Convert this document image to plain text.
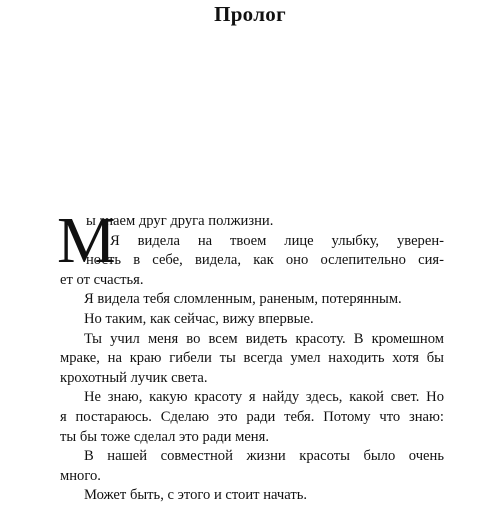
Пролог
М
ы знаем друг друга полжизни.
Я видела на твоем лице улыбку, уверен-
ность в себе, видела, как оно ослепительно сия-
ет от счастья.
Я видела тебя сломленным, раненым, потерянным.
Но таким, как сейчас, вижу впервые.
Ты учил меня во всем видеть красоту. В кромешном
мраке, на краю гибели ты всегда умел находить хотя бы
крохотный лучик света.
Не знаю, какую красоту я найду здесь, какой свет. Но
я постараюсь. Сделаю это ради тебя. Потому что знаю:
ты бы тоже сделал это ради меня.
В нашей совместной жизни красоты было очень
много.
Может быть, с этого и стоит начать.
